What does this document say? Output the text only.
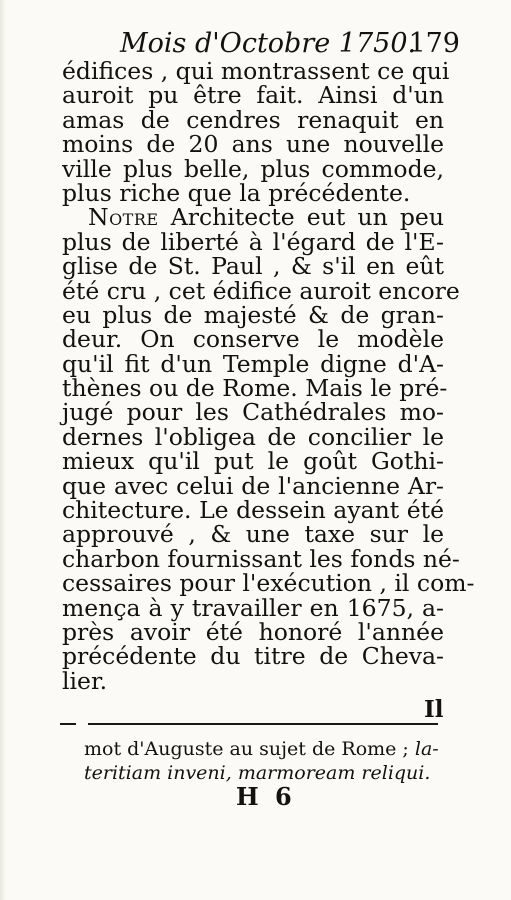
Mois d'Octobre 1750.
179
édifices , qui montrassent ce qui
auroit pu être fait. Ainsi d'un
amas de cendres renaquit en
moins de 20 ans une nouvelle
ville plus belle, plus commode,
plus riche que la précédente.
Notre Architecte eut un peu
plus de liberté à l'égard de l'E-
glise de St. Paul , & s'il en eût
été cru , cet édifice auroit encore
eu plus de majesté & de gran-
deur. On conserve le modèle
qu'il fit d'un Temple digne d'A-
thènes ou de Rome. Mais le pré-
jugé pour les Cathédrales mo-
dernes l'obligea de concilier le
mieux qu'il put le goût Gothi-
que avec celui de l'ancienne Ar-
chitecture. Le dessein ayant été
approuvé , & une taxe sur le
charbon fournissant les fonds né-
cessaires pour l'exécution , il com-
mença à y travailler en 1675, a-
près avoir été honoré l'année
précédente du titre de Cheva-
lier.
Il
mot d'Auguste au sujet de Rome ; la-
teritiam inveni, marmoream reliqui.
H 6
